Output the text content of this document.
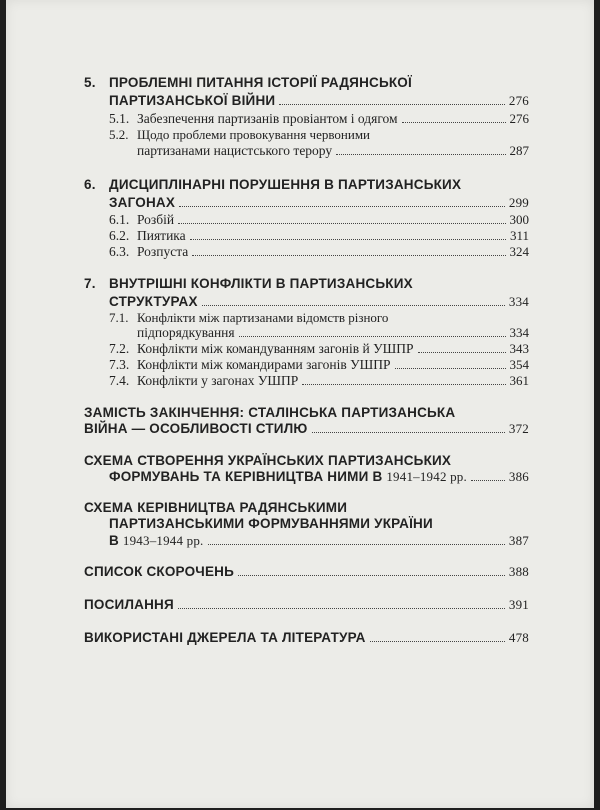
5. ПРОБЛЕМНІ ПИТАННЯ ІСТОРІЇ РАДЯНСЬКОЇ
ПАРТИЗАНСЬКОЇ ВІЙНИ	276
5.1. Забезпечення партизанів провіантом і одягом	276
5.2. Щодо проблеми провокування червоними
партизанами нацистського терору	287
6. ДИСЦИПЛІНАРНІ ПОРУШЕННЯ В ПАРТИЗАНСЬКИХ
ЗАГОНАХ	299
6.1. Розбій	300
6.2. Пиятика	311
6.3. Розпуста	324
7. ВНУТРІШНІ КОНФЛІКТИ В ПАРТИЗАНСЬКИХ
СТРУКТУРАХ	334
7.1. Конфлікти між партизанами відомств різного
підпорядкування	334
7.2. Конфлікти між командуванням загонів й УШПР	343
7.3. Конфлікти між командирами загонів УШПР	354
7.4. Конфлікти у загонах УШПР	361
ЗАМІСТЬ ЗАКІНЧЕННЯ: СТАЛІНСЬКА ПАРТИЗАНСЬКА
ВІЙНА — ОСОБЛИВОСТІ СТИЛЮ	372
СХЕМА СТВОРЕННЯ УКРАЇНСЬКИХ ПАРТИЗАНСЬКИХ
ФОРМУВАНЬ ТА КЕРІВНИЦТВА НИМИ В
1941–1942 рр.	386
СХЕМА КЕРІВНИЦТВА РАДЯНСЬКИМИ
ПАРТИЗАНСЬКИМИ ФОРМУВАННЯМИ УКРАЇНИ
В
1943–1944 рр.	387
СПИСОК СКОРОЧЕНЬ	388
ПОСИЛАННЯ	391
ВИКОРИСТАНІ ДЖЕРЕЛА ТА ЛІТЕРАТУРА	478
